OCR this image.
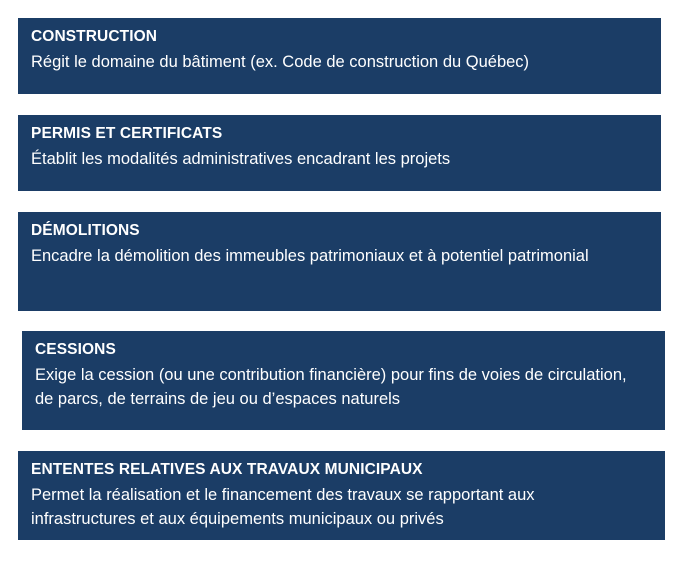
CONSTRUCTION
Régit le domaine du bâtiment (ex. Code de construction du Québec)
PERMIS ET CERTIFICATS
Établit les modalités administratives encadrant les projets
DÉMOLITIONS
Encadre la démolition des immeubles patrimoniaux et à potentiel patrimonial
CESSIONS
Exige la cession (ou une contribution financière) pour fins de voies de circulation, de parcs, de terrains de jeu ou d’espaces naturels
ENTENTES RELATIVES AUX TRAVAUX MUNICIPAUX
Permet la réalisation et le financement des travaux se rapportant aux infrastructures et aux équipements municipaux ou privés
